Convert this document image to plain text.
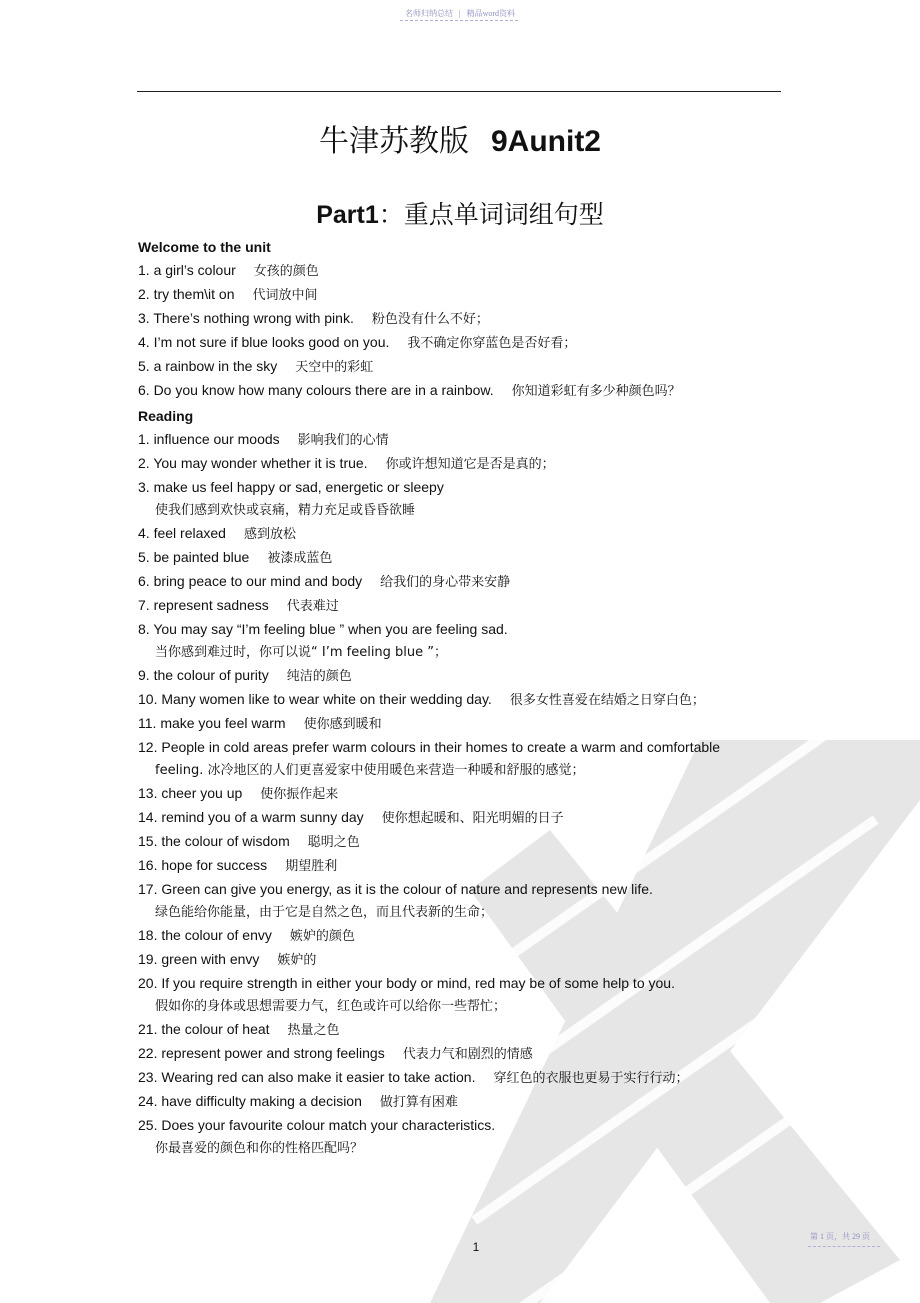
名师归纳总结 | 精品word资料
牛津苏教版 9Aunit2
Part1：重点单词词组句型
Welcome to the unit
1. a girl’s colour 女孩的颜色
2. try them\it on 代词放中间
3. There’s nothing wrong with pink. 粉色没有什么不好；
4. I’m not sure if blue looks good on you. 我不确定你穿蓝色是否好看；
5. a rainbow in the sky 天空中的彩虹
6. Do you know how many colours there are in a rainbow. 你知道彩虹有多少种颜色吗？
Reading
1. influence our moods 影响我们的心情
2. You may wonder whether it is true. 你或许想知道它是否是真的；
3. make us feel happy or sad, energetic or sleepy
使我们感到欢快或哀痛，精力充足或昏昏欲睡
4. feel relaxed 感到放松
5. be painted blue 被漆成蓝色
6. bring peace to our mind and body 给我们的身心带来安静
7. represent sadness 代表难过
8. You may say “I’m feeling blue ” when you are feeling sad.
当你感到难过时，你可以说“ I’m feeling blue ”；
9. the colour of purity 纯洁的颜色
10. Many women like to wear white on their wedding day. 很多女性喜爱在结婚之日穿白色；
11. make you feel warm 使你感到暖和
12. People in cold areas prefer warm colours in their homes to create a warm and comfortable
feeling. 冰冷地区的人们更喜爱家中使用暖色来营造一种暖和舒服的感觉；
13. cheer you up 使你振作起来
14. remind you of a warm sunny day 使你想起暖和、阳光明媚的日子
15. the colour of wisdom 聪明之色
16. hope for success 期望胜利
17. Green can give you energy, as it is the colour of nature and represents new life.
绿色能给你能量，由于它是自然之色，而且代表新的生命；
18. the colour of envy 嫉妒的颜色
19. green with envy 嫉妒的
20. If you require strength in either your body or mind, red may be of some help to you.
假如你的身体或思想需要力气，红色或许可以给你一些帮忙；
21. the colour of heat 热量之色
22. represent power and strong feelings 代表力气和剧烈的情感
23. Wearing red can also make it easier to take action. 穿红色的衣服也更易于实行行动；
24. have difficulty making a decision 做打算有困难
25. Does your favourite colour match your characteristics.
你最喜爱的颜色和你的性格匹配吗？
1
第 1 页，共 29 页
